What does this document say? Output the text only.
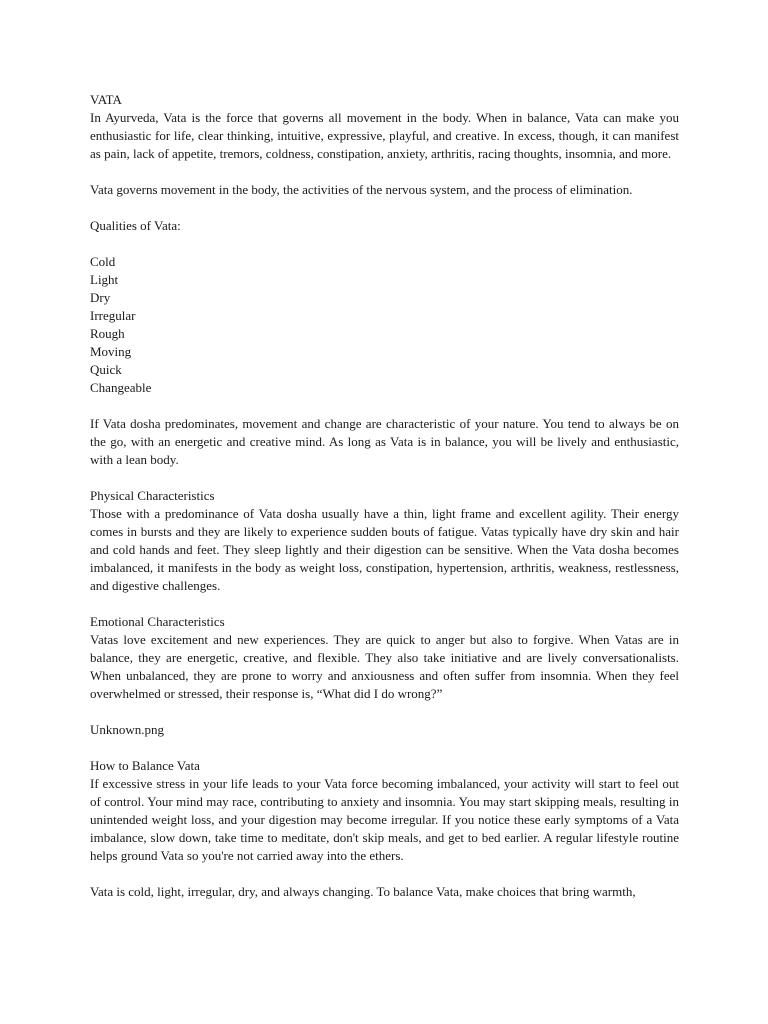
VATA

In Ayurveda, Vata is the force that governs all movement in the body. When in balance, Vata can make you enthusiastic for life, clear thinking, intuitive, expressive, playful, and creative. In excess, though, it can manifest as pain, lack of appetite, tremors, coldness, constipation, anxiety, arthritis, racing thoughts, insomnia, and more.

Vata governs movement in the body, the activities of the nervous system, and the process of elimination.

Qualities of Vata:
Cold
Light
Dry
Irregular
Rough
Moving
Quick
Changeable

If Vata dosha predominates, movement and change are characteristic of your nature. You tend to always be on the go, with an energetic and creative mind. As long as Vata is in balance, you will be lively and enthusiastic, with a lean body.

Physical Characteristics

Those with a predominance of Vata dosha usually have a thin, light frame and excellent agility. Their energy comes in bursts and they are likely to experience sudden bouts of fatigue. Vatas typically have dry skin and hair and cold hands and feet. They sleep lightly and their digestion can be sensitive. When the Vata dosha becomes imbalanced, it manifests in the body as weight loss, constipation, hypertension, arthritis, weakness, restlessness, and digestive challenges.

Emotional Characteristics

Vatas love excitement and new experiences. They are quick to anger but also to forgive. When Vatas are in balance, they are energetic, creative, and flexible. They also take initiative and are lively conversationalists. When unbalanced, they are prone to worry and anxiousness and often suffer from insomnia. When they feel overwhelmed or stressed, their response is, “What did I do wrong?”

Unknown.png
How to Balance Vata

If excessive stress in your life leads to your Vata force becoming imbalanced, your activity will start to feel out of control. Your mind may race, contributing to anxiety and insomnia. You may start skipping meals, resulting in unintended weight loss, and your digestion may become irregular. If you notice these early symptoms of a Vata imbalance, slow down, take time to meditate, don't skip meals, and get to bed earlier. A regular lifestyle routine helps ground Vata so you're not carried away into the ethers.

Vata is cold, light, irregular, dry, and always changing. To balance Vata, make choices that bring warmth,
